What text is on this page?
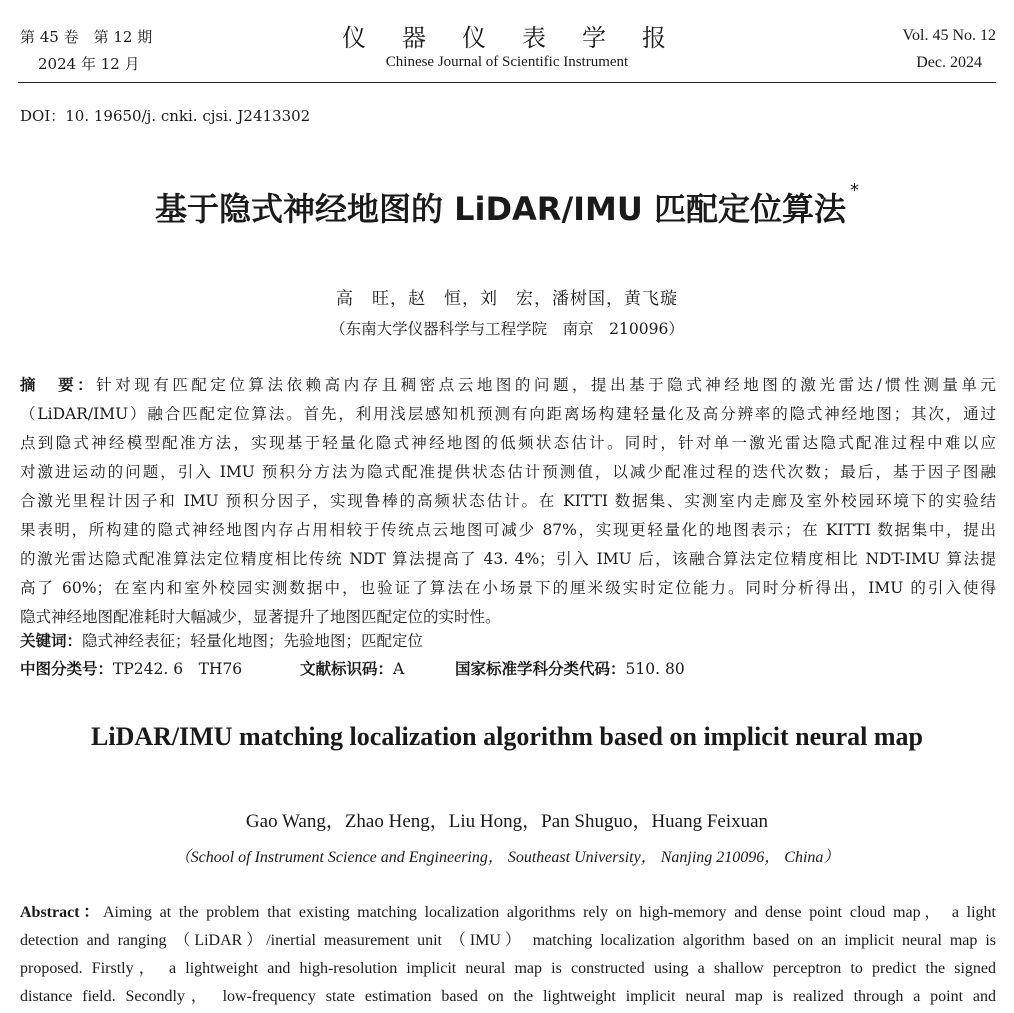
第 45 卷　第 12 期
2024 年 12 月
仪　器　仪　表　学　报
Chinese Journal of Scientific Instrument
Vol. 45 No. 12
Dec. 2024
DOI：10. 19650/j. cnki. cjsi. J2413302
基于隐式神经地图的 LiDAR/IMU 匹配定位算法 *
高　旺，赵　恒，刘　宏，潘树国，黄飞璇
（东南大学仪器科学与工程学院　南京　210096）
摘　要：针对现有匹配定位算法依赖高内存且稠密点云地图的问题，提出基于隐式神经地图的激光雷达/惯性测量单元
（LiDAR/IMU）融合匹配定位算法。首先，利用浅层感知机预测有向距离场构建轻量化及高分辨率的隐式神经地图；其次，通过
点到隐式神经模型配准方法，实现基于轻量化隐式神经地图的低频状态估计。同时，针对单一激光雷达隐式配准过程中难以应
对激进运动的问题，引入 IMU 预积分方法为隐式配准提供状态估计预测值，以减少配准过程的迭代次数；最后，基于因子图融
合激光里程计因子和 IMU 预积分因子，实现鲁棒的高频状态估计。在 KITTI 数据集、实测室内走廊及室外校园环境下的实验结
果表明，所构建的隐式神经地图内存占用相较于传统点云地图可减少 87%，实现更轻量化的地图表示；在 KITTI 数据集中，提出
的激光雷达隐式配准算法定位精度相比传统 NDT 算法提高了 43. 4%；引入 IMU 后，该融合算法定位精度相比 NDT-IMU 算法提
高了 60%；在室内和室外校园实测数据中，也验证了算法在小场景下的厘米级实时定位能力。同时分析得出，IMU 的引入使得
隐式神经地图配准耗时大幅减少，显著提升了地图匹配定位的实时性。
关键词：隐式神经表征；轻量化地图；先验地图；匹配定位
中图分类号：TP242. 6　TH76	文献标识码：A	国家标准学科分类代码：510. 80
LiDAR/IMU matching localization algorithm based on implicit neural map
Gao Wang，Zhao Heng，Liu Hong，Pan Shuguo，Huang Feixuan
（School of Instrument Science and Engineering， Southeast University， Nanjing 210096， China）
Abstract：Aiming at the problem that existing matching localization algorithms rely on high-memory and dense point cloud map， a light
detection and ranging （LiDAR）/inertial measurement unit （IMU） matching localization algorithm based on an implicit neural map is
proposed. Firstly， a lightweight and high-resolution implicit neural map is constructed using a shallow perceptron to predict the signed
distance field. Secondly， low-frequency state estimation based on the lightweight implicit neural map is realized through a point and
